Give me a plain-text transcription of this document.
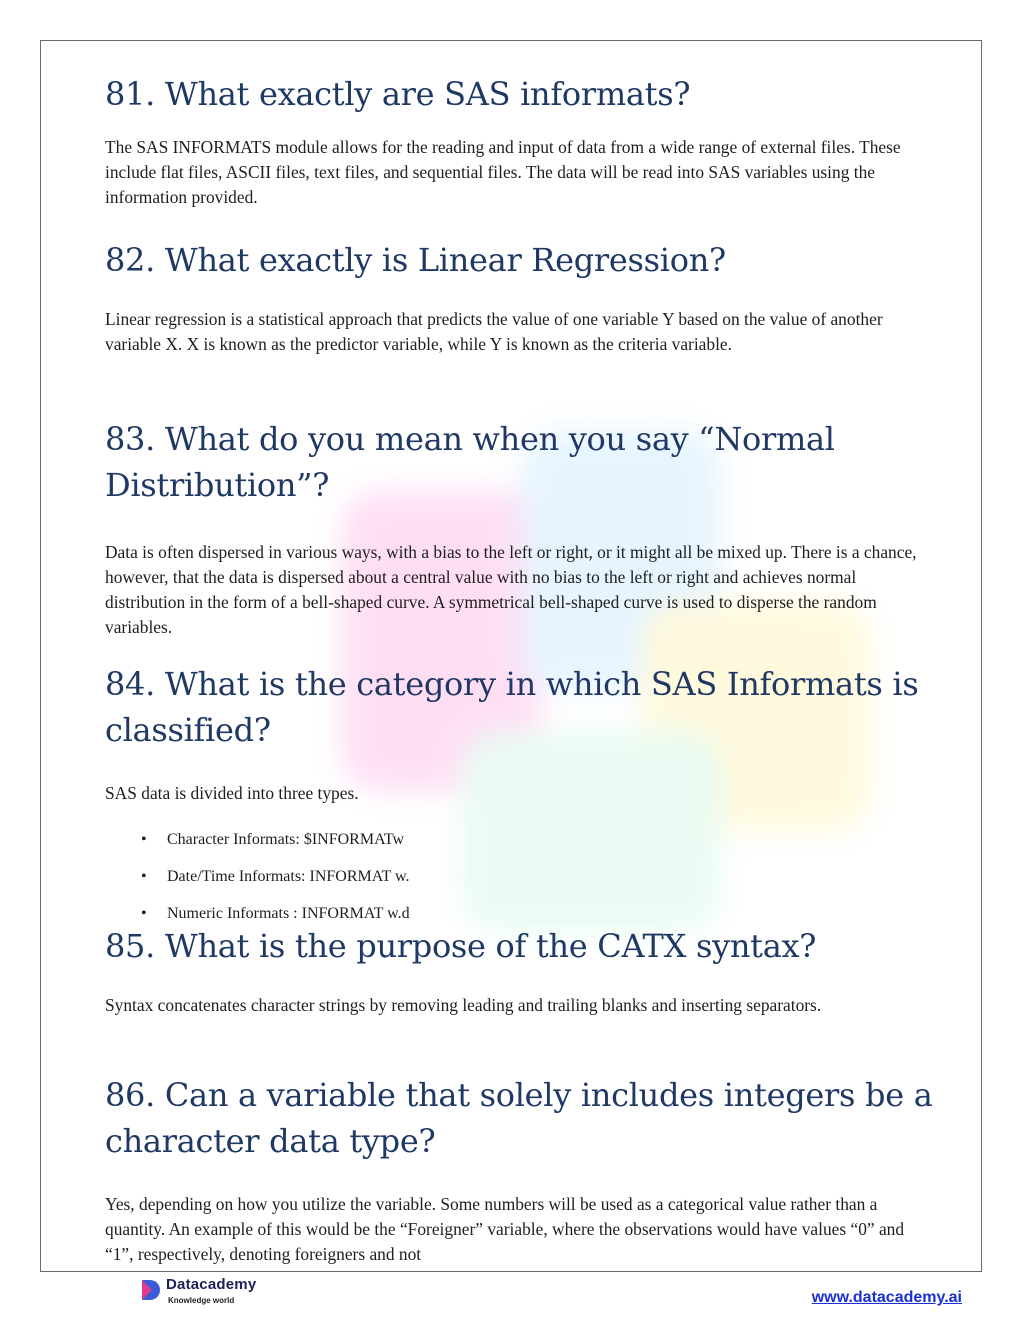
81. What exactly are SAS informats?

The SAS INFORMATS module allows for the reading and input of data from a wide range of external files. These include flat files, ASCII files, text files, and sequential files. The data will be read into SAS variables using the information provided.

82. What exactly is Linear Regression?

Linear regression is a statistical approach that predicts the value of one variable Y based on the value of another variable X. X is known as the predictor variable, while Y is known as the criteria variable.

83. What do you mean when you say “Normal Distribution”?

Data is often dispersed in various ways, with a bias to the left or right, or it might all be mixed up. There is a chance, however, that the data is dispersed about a central value with no bias to the left or right and achieves normal distribution in the form of a bell-shaped curve. A symmetrical bell-shaped curve is used to disperse the random variables.

84. What is the category in which SAS Informats is classified?

SAS data is divided into three types.

• Character Informats: $INFORMATw
• Date/Time Informats: INFORMAT w.
• Numeric Informats : INFORMAT w.d
85. What is the purpose of the CATX syntax?

Syntax concatenates character strings by removing leading and trailing blanks and inserting separators.

86. Can a variable that solely includes integers be a character data type?

Yes, depending on how you utilize the variable. Some numbers will be used as a categorical value rather than a quantity. An example of this would be the “Foreigner” variable, where the observations would have values “0” and “1”, respectively, denoting foreigners and not

Datacademy
Knowledge world	www.datacademy.ai
